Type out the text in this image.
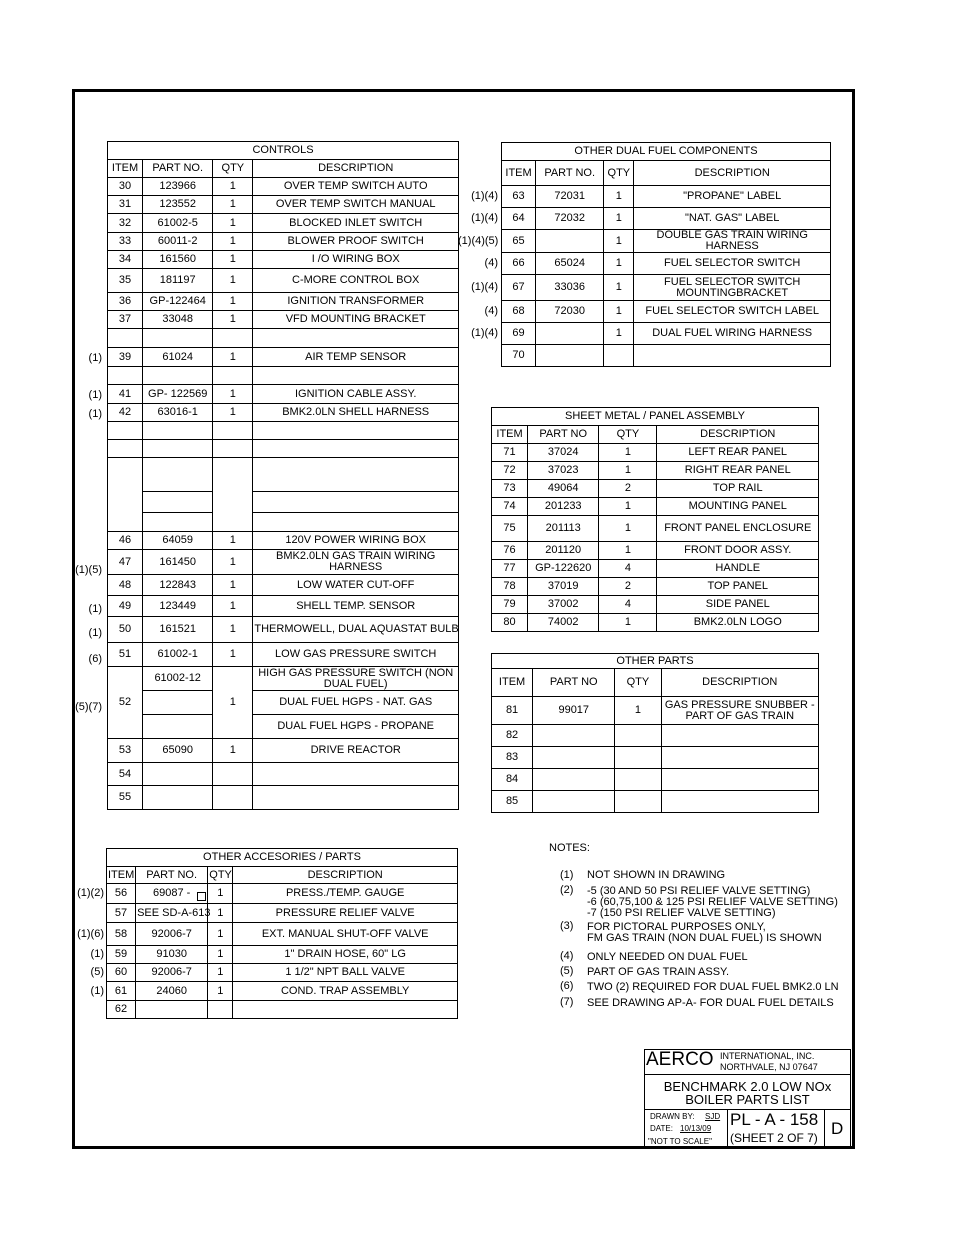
CONTROLS
ITEM	PART NO.	QTY	DESCRIPTION
30	123966	1	OVER TEMP SWITCH AUTO
31	123552	1	OVER TEMP SWITCH MANUAL
32	61002-5	1	BLOCKED INLET SWITCH
33	60011-2	1	BLOWER PROOF SWITCH
34	161560	1	I /O WIRING BOX
35	181197	1	C-MORE CONTROL BOX
36	GP-122464	1	IGNITION TRANSFORMER
37	33048	1	VFD MOUNTING BRACKET

39	61024	1	AIR TEMP SENSOR

41	GP- 122569	1	IGNITION CABLE ASSY.
42	63016-1	1	BMK2.0LN SHELL HARNESS

46	64059	1	120V POWER WIRING BOX
47	161450	1	BMK2.0LN GAS TRAIN WIRING HARNESS
48	122843	1	LOW WATER CUT-OFF
49	123449	1	SHELL TEMP. SENSOR
50	161521	1	THERMOWELL, DUAL AQUASTAT BULB
51	61002-1	1	LOW GAS PRESSURE SWITCH
52	61002-12	1	HIGH GAS PRESSURE SWITCH (NON DUAL FUEL)
			DUAL FUEL HGPS - NAT. GAS
			DUAL FUEL HGPS - PROPANE
53	65090	1	DRIVE REACTOR
54			
55			
OTHER DUAL FUEL COMPONENTS
ITEM	PART NO.	QTY	DESCRIPTION
63	72031	1	"PROPANE" LABEL
64	72032	1	"NAT. GAS" LABEL
65		1	DOUBLE GAS TRAIN WIRING HARNESS
66	65024	1	FUEL SELECTOR SWITCH
67	33036	1	FUEL SELECTOR SWITCH MOUNTINGBRACKET
68	72030	1	FUEL SELECTOR SWITCH LABEL
69		1	DUAL FUEL WIRING HARNESS
70			
SHEET METAL / PANEL ASSEMBLY
ITEM	PART NO	QTY	DESCRIPTION
71	37024	1	LEFT REAR PANEL
72	37023	1	RIGHT REAR PANEL
73	49064	2	TOP RAIL
74	201233	1	MOUNTING PANEL
75	201113	1	FRONT PANEL ENCLOSURE
76	201120	1	FRONT DOOR ASSY.
77	GP-122620	4	HANDLE
78	37019	2	TOP PANEL
79	37002	4	SIDE PANEL
80	74002	1	BMK2.0LN LOGO
OTHER PARTS
ITEM	PART NO	QTY	DESCRIPTION
81	99017	1	GAS PRESSURE SNUBBER - PART OF GAS TRAIN
82			
83			
84			
85			
OTHER ACCESORIES / PARTS
ITEM	PART NO.	QTY	DESCRIPTION
56	69087 -	1	PRESS./TEMP. GAUGE
57	SEE SD-A-613	1	PRESSURE RELIEF VALVE
58	92006-7	1	EXT. MANUAL SHUT-OFF VALVE
59	91030	1	1" DRAIN HOSE, 60" LG
60	92006-7	1	1 1/2" NPT BALL VALVE
61	24060	1	COND. TRAP ASSEMBLY
62			
(1)
(1)
(1)
(1)(5)
(1)
(1)
(6)
(5)(7)
(1)(4)
(1)(4)
(1)(4)(5)
(4)
(1)(4)
(4)
(1)(4)
(1)(2)
(1)(6)
(1)
(5)
(1)
NOTES:
(1) NOT SHOWN IN DRAWING
(2) -5 (30 AND 50 PSI RELIEF VALVE SETTING)
-6 (60,75,100 & 125 PSI RELIEF VALVE SETTING)
-7 (150 PSI RELIEF VALVE SETTING)
(3) FOR PICTORAL PURPOSES ONLY,
FM GAS TRAIN (NON DUAL FUEL) IS SHOWN
(4) ONLY NEEDED ON DUAL FUEL
(5) PART OF GAS TRAIN ASSY.
(6) TWO (2) REQUIRED FOR DUAL FUEL BMK2.0 LN
(7) SEE DRAWING AP-A- FOR DUAL FUEL DETAILS
AERCO INTERNATIONAL, INC.
NORTHVALE, NJ 07647
BENCHMARK 2.0 LOW NOx
BOILER PARTS LIST
DRAWN BY: SJD
DATE: 10/13/09
"NOT TO SCALE"
PL - A - 158
(SHEET 2 OF 7) D
